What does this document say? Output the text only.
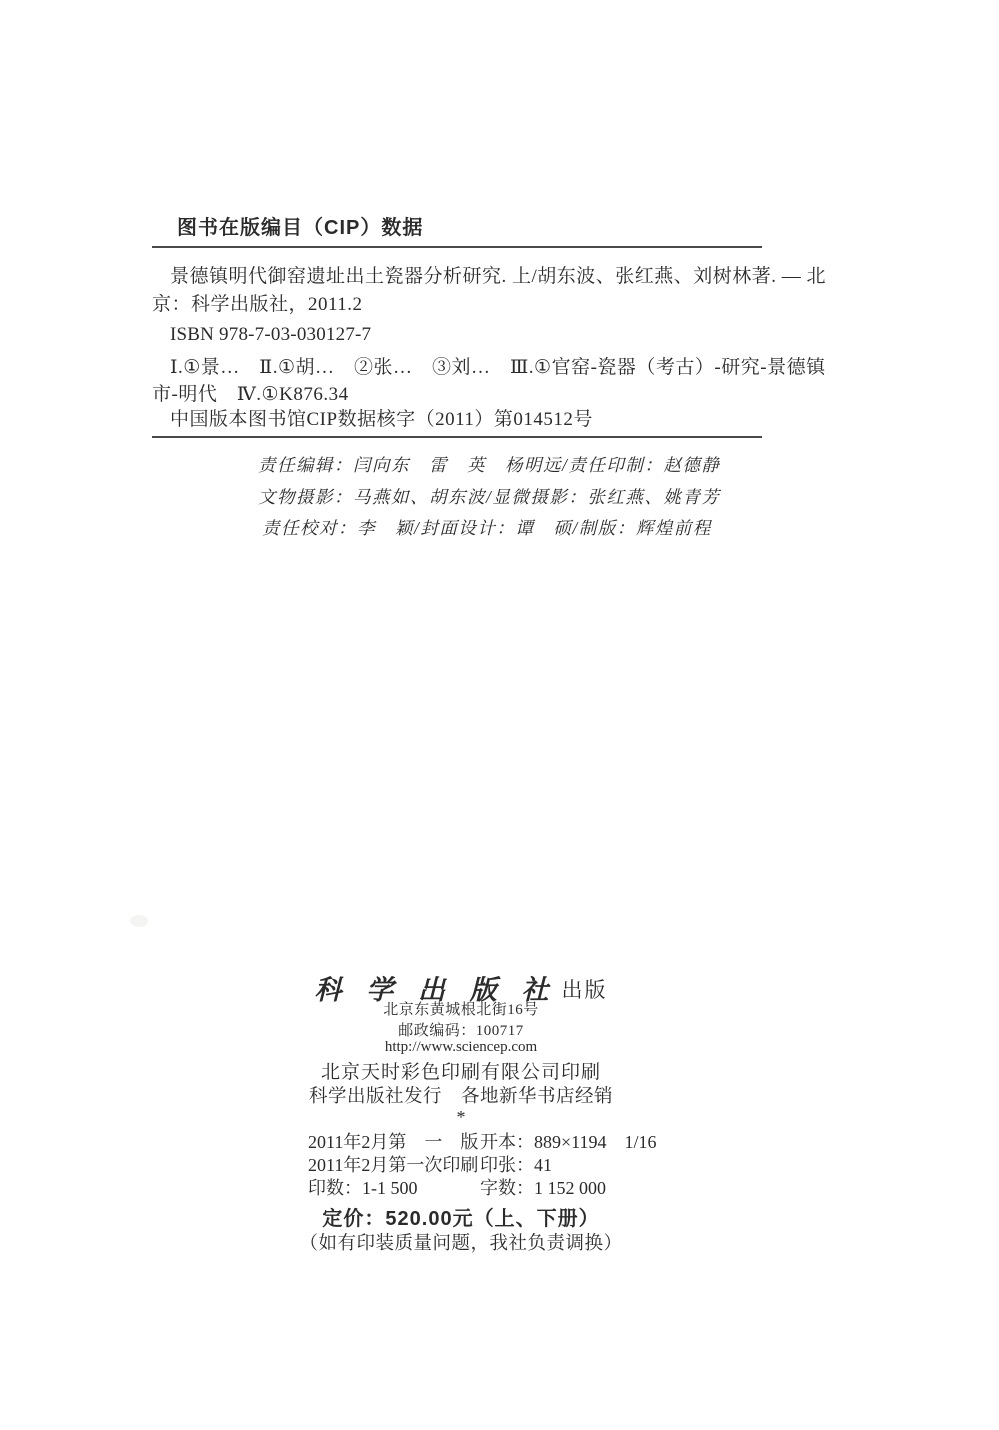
图书在版编目（CIP）数据
景德镇明代御窑遗址出土瓷器分析研究. 上/胡东波、张红燕、刘树林著. — 北
京：科学出版社，2011.2
ISBN 978-7-03-030127-7
Ⅰ.①景…　Ⅱ.①胡…　②张…　③刘…　Ⅲ.①官窑-瓷器（考古）-研究-景德镇
市-明代　Ⅳ.①K876.34
中国版本图书馆CIP数据核字（2011）第014512号
责任编辑：闫向东　雷　英　杨明远/责任印制：赵德静
文物摄影：马燕如、胡东波/显微摄影：张红燕、姚青芳
责任校对：李　颖/封面设计：谭　硕/制版：辉煌前程
科 学 出 版 社 出版
北京东黄城根北街16号
邮政编码：100717
http://www.sciencep.com
北京天时彩色印刷有限公司印刷
科学出版社发行　各地新华书店经销
*
定价：520.00元（上、下册）
（如有印装质量问题，我社负责调换）
2011年2月第　一　版 开本：889×1194　1/16
2011年2月第一次印刷 印张：41
印数：1-1 500	字数：1 152 000
